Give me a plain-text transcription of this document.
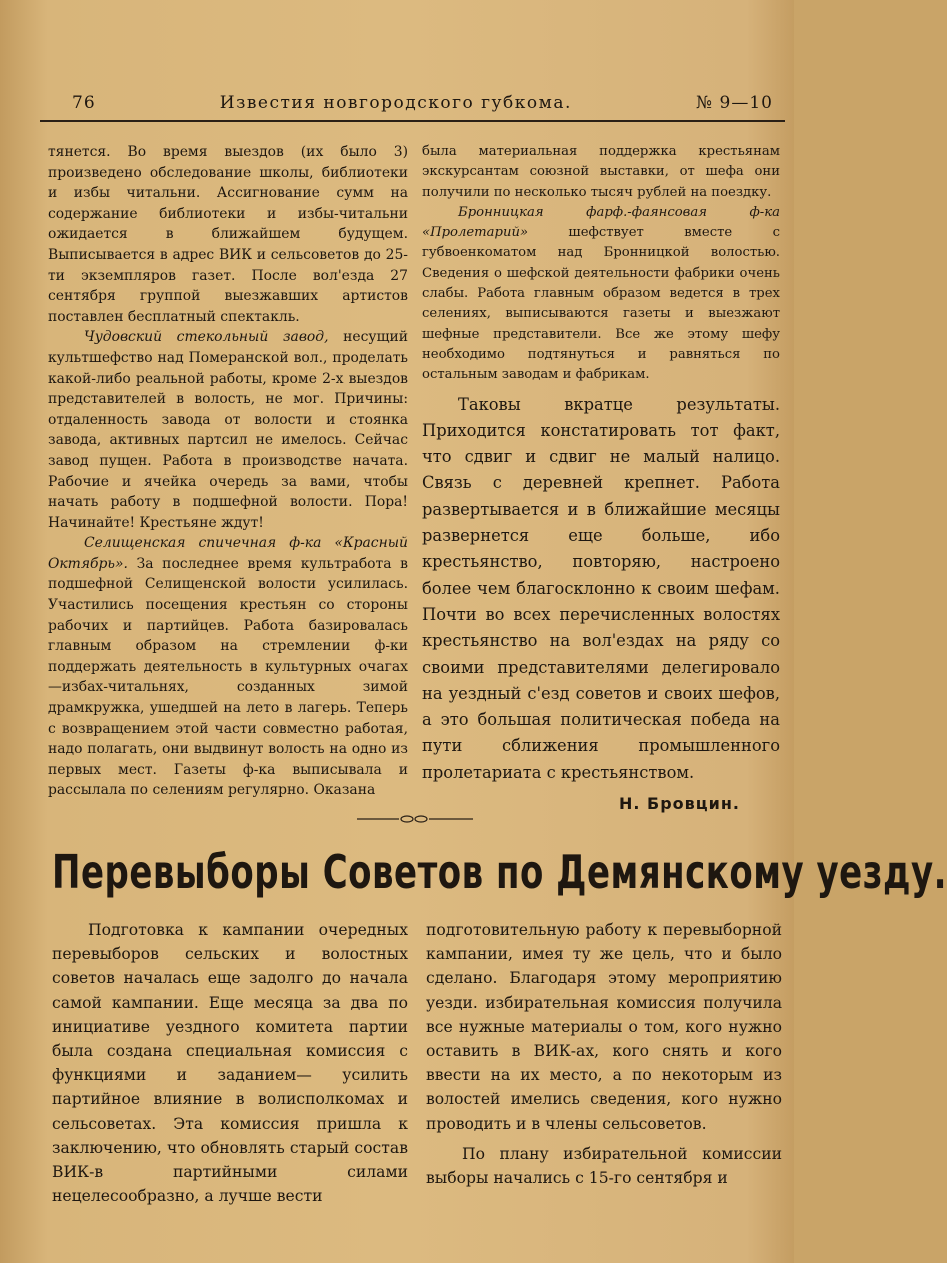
76	Известия новгородского губкома.	№ 9—10

тянется. Во время выездов (их было 3) произведено обследование школы, библиотеки и избы читальни. Ассигнование сумм на содержание библиотеки и избы-читальни ожидается в ближайшем будущем. Выписывается в адрес ВИК и сельсоветов до 25-ти экземпляров газет. После вол'езда 27 сентября группой выезжавших артистов поставлен бесплатный спектакль.

Чудовский стекольный завод, несущий культшефство над Померанской вол., проделать какой-либо реальной работы, кроме 2-х выездов представителей в волость, не мог. Причины: отдаленность завода от волости и стоянка завода, активных партсил не имелось. Сейчас завод пущен. Работа в производстве начата. Рабочие и ячейка очередь за вами, чтобы начать работу в подшефной волости. Пора! Начинайте! Крестьяне ждут!

Селищенская спичечная ф-ка «Красный Октябрь». За последнее время культработа в подшефной Селищенской волости усилилась. Участились посещения крестьян со стороны рабочих и партийцев. Работа базировалась главным образом на стремлении ф-ки поддержать деятельность в культурных очагах —избах-читальнях, созданных зимой драмкружка, ушедшей на лето в лагерь. Теперь с возвращением этой части совместно работая, надо полагать, они выдвинут волость на одно из первых мест. Газеты ф-ка выписывала и рассылала по селениям регулярно. Оказана

была материальная поддержка крестьянам экскурсантам союзной выставки, от шефа они получили по несколько тысяч рублей на поездку.

Бронницкая фарф.-фаянсовая ф-ка «Пролетарий» шефствует вместе с губвоенкоматом над Бронницкой волостью. Сведения о шефской деятельности фабрики очень слабы. Работа главным образом ведется в трех селениях, выписываются газеты и выезжают шефные представители. Все же этому шефу необходимо подтянуться и равняться по остальным заводам и фабрикам.

Таковы вкратце результаты. Приходится констатировать тот факт, что сдвиг и сдвиг не малый налицо. Связь с деревней крепнет. Работа развертывается и в ближайшие месяцы развернется еще больше, ибо крестьянство, повторяю, настроено более чем благосклонно к своим шефам. Почти во всех перечисленных волостях крестьянство на вол'ездах на ряду со своими представителями делегировало на уездный с'езд советов и своих шефов, а это большая политическая победа на пути сближения промышленного пролетариата с крестьянством.

Н. Бровцин.

Перевыборы Советов по Демянскому уезду.

Подготовка к кампании очередных перевыборов сельских и волостных советов началась еще задолго до начала самой кампании. Еще месяца за два по инициативе уездного комитета партии была создана специальная комиссия с функциями и заданием— усилить партийное влияние в волисполкомах и сельсоветах. Эта комиссия пришла к заключению, что обновлять старый состав ВИК-в партийными силами нецелесообразно, а лучше вести

подготовительную работу к перевыборной кампании, имея ту же цель, что и было сделано. Благодаря этому мероприятию уезди. избирательная комиссия получила все нужные материалы о том, кого нужно оставить в ВИК-ах, кого снять и кого ввести на их место, а по некоторым из волостей имелись сведения, кого нужно проводить и в члены сельсоветов.

По плану избирательной комиссии выборы начались с 15-го сентября и
